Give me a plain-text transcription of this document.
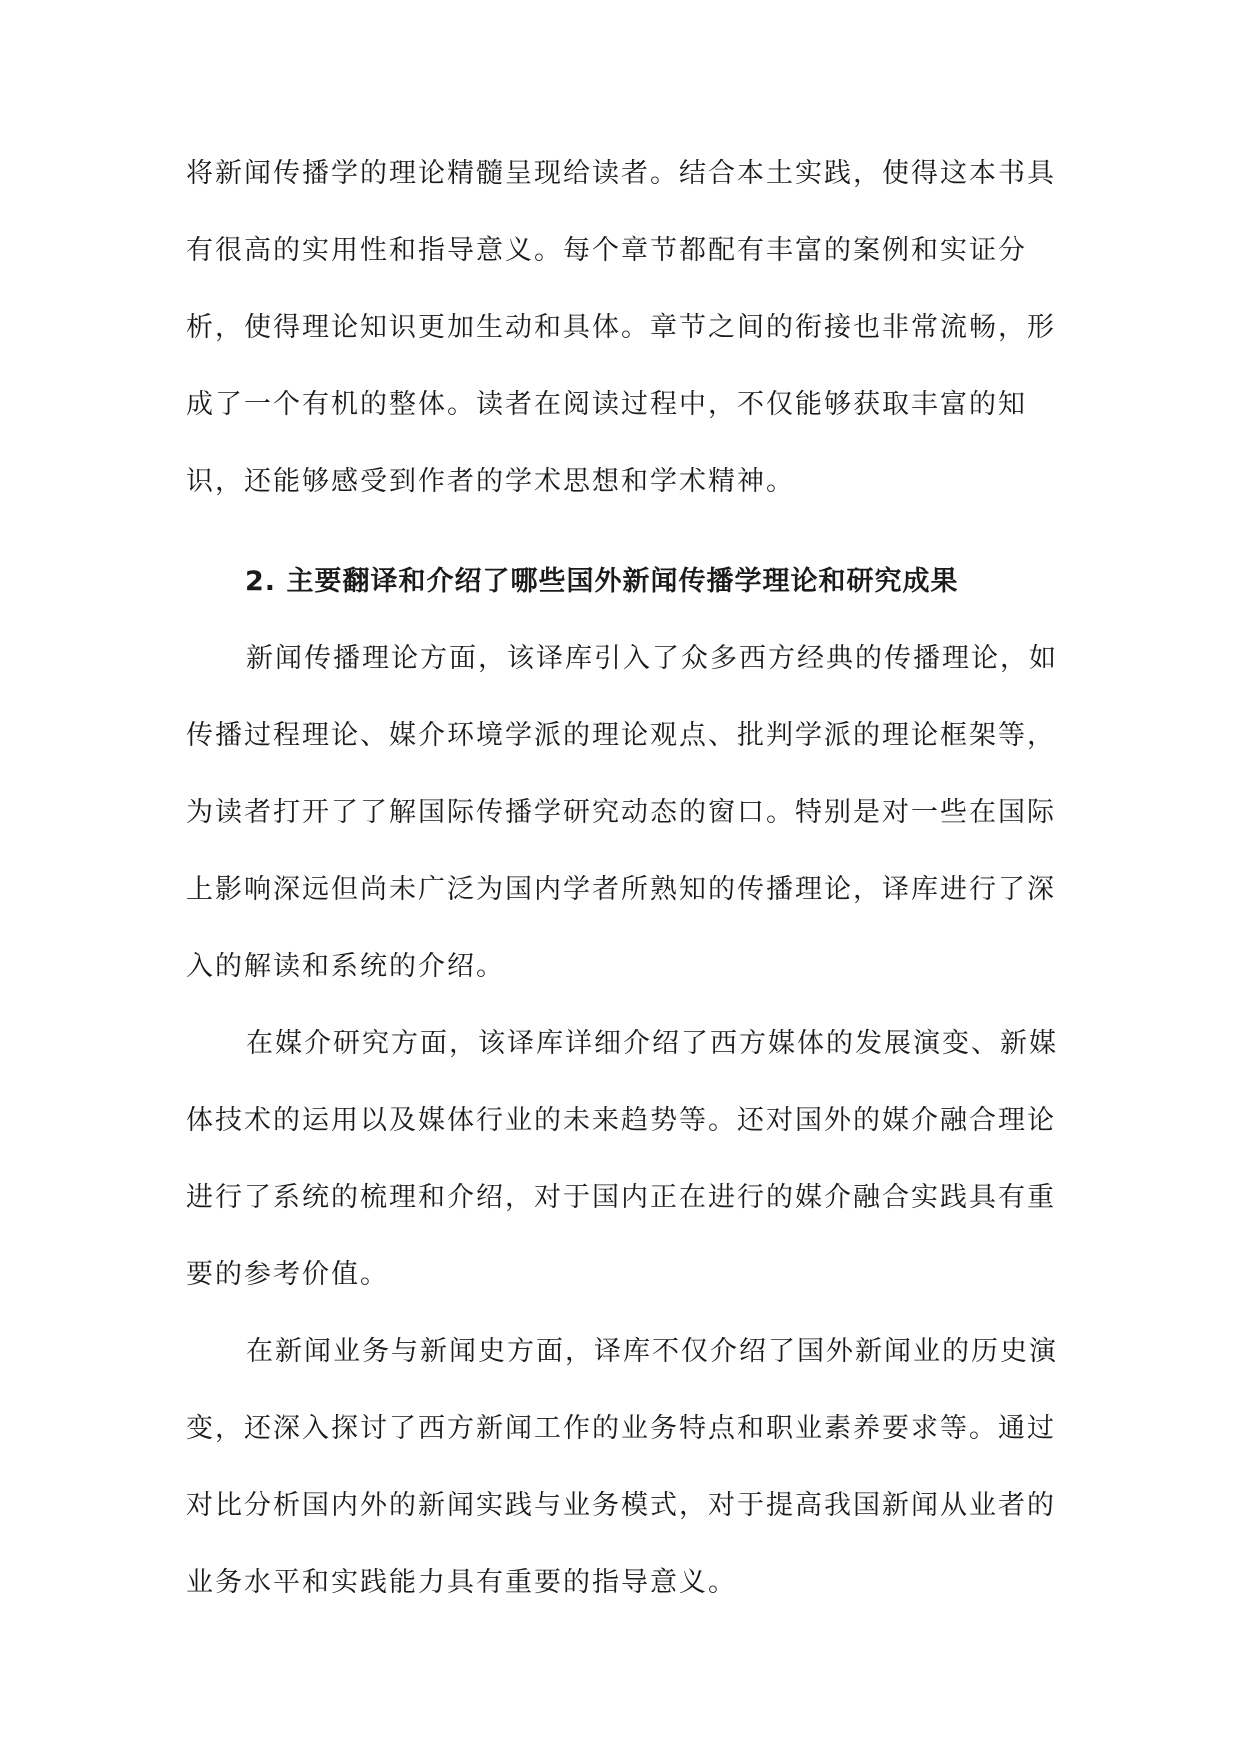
将新闻传播学的理论精髓呈现给读者。结合本土实践，使得这本书具有很高的实用性和指导意义。每个章节都配有丰富的案例和实证分析，使得理论知识更加生动和具体。章节之间的衔接也非常流畅，形成了一个有机的整体。读者在阅读过程中，不仅能够获取丰富的知识，还能够感受到作者的学术思想和学术精神。

2. 主要翻译和介绍了哪些国外新闻传播学理论和研究成果

新闻传播理论方面，该译库引入了众多西方经典的传播理论，如传播过程理论、媒介环境学派的理论观点、批判学派的理论框架等，为读者打开了了解国际传播学研究动态的窗口。特别是对一些在国际上影响深远但尚未广泛为国内学者所熟知的传播理论，译库进行了深入的解读和系统的介绍。

在媒介研究方面，该译库详细介绍了西方媒体的发展演变、新媒体技术的运用以及媒体行业的未来趋势等。还对国外的媒介融合理论进行了系统的梳理和介绍，对于国内正在进行的媒介融合实践具有重要的参考价值。

在新闻业务与新闻史方面，译库不仅介绍了国外新闻业的历史演变，还深入探讨了西方新闻工作的业务特点和职业素养要求等。通过对比分析国内外的新闻实践与业务模式，对于提高我国新闻从业者的业务水平和实践能力具有重要的指导意义。
